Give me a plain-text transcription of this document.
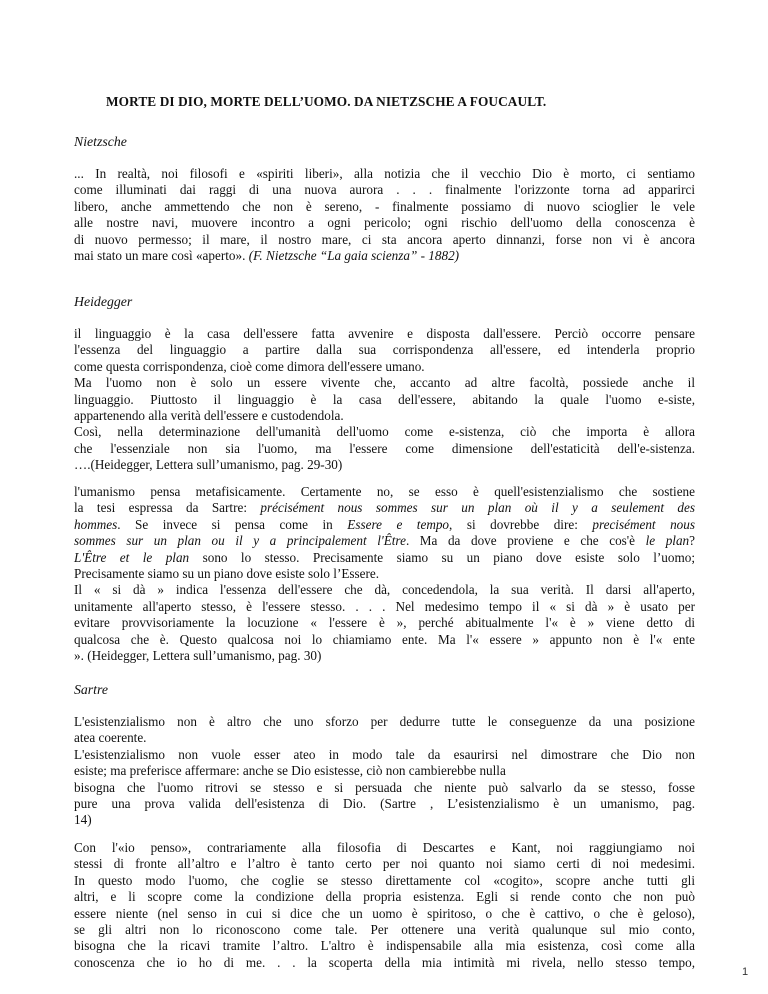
MORTE DI DIO, MORTE DELL’UOMO. DA NIETZSCHE A FOUCAULT.
Nietzsche
... In realtà, noi filosofi e «spiriti liberi», alla notizia che il vecchio Dio è morto, ci sentiamo
come illuminati dai raggi di una nuova aurora . . . finalmente l'orizzonte torna ad apparirci
libero, anche ammettendo che non è sereno, - finalmente possiamo di nuovo scioglier le vele
alle nostre navi, muovere incontro a ogni pericolo; ogni rischio dell'uomo della conoscenza è
di nuovo permesso; il mare, il nostro mare, ci sta ancora aperto dinnanzi, forse non vi è ancora
mai stato un mare così «aperto». (F. Nietzsche “La gaia scienza” - 1882)
Heidegger
il linguaggio è la casa dell'essere fatta avvenire e disposta dall'essere. Perciò occorre pensare
l'essenza del linguaggio a partire dalla sua corrispondenza all'essere, ed intenderla proprio
come questa corrispondenza, cioè come dimora dell'essere umano.
Ma l'uomo non è solo un essere vivente che, accanto ad altre facoltà, possiede anche il
linguaggio. Piuttosto il linguaggio è la casa dell'essere, abitando la quale l'uomo e-siste,
appartenendo alla verità dell'essere e custodendola.
Così, nella determinazione dell'umanità dell'uomo come e-sistenza, ciò che importa è allora
che l'essenziale non sia l'uomo, ma l'essere come dimensione dell'estaticità dell'e-sistenza.
….(Heidegger, Lettera sull’umanismo, pag. 29-30)
l'umanismo pensa metafisicamente. Certamente no, se esso è quell'esistenzialismo che sostiene
la tesi espressa da Sartre: précisément nous sommes sur un plan où il y a seulement des
hommes. Se invece si pensa come in Essere e tempo, si dovrebbe dire: precisément nous
sommes sur un plan ou il y a principalement l'Être. Ma da dove proviene e che cos'è le plan?
L'Être et le plan sono lo stesso. Precisamente siamo su un piano dove esiste solo l’uomo;
Precisamente siamo su un piano dove esiste solo l’Essere.
Il « si dà » indica l'essenza dell'essere che dà, concedendola, la sua verità. Il darsi all'aperto,
unitamente all'aperto stesso, è l'essere stesso. . . . Nel medesimo tempo il « si dà » è usato per
evitare provvisoriamente la locuzione « l'essere è », perché abitualmente l'« è » viene detto di
qualcosa che è. Questo qualcosa noi lo chiamiamo ente. Ma l'« essere » appunto non è l'« ente
». (Heidegger, Lettera sull’umanismo, pag. 30)
Sartre
L'esistenzialismo non è altro che uno sforzo per dedurre tutte le conseguenze da una posizione
atea coerente.
L'esistenzialismo non vuole esser ateo in modo tale da esaurirsi nel dimostrare che Dio non
esiste; ma preferisce affermare: anche se Dio esistesse, ciò non cambierebbe nulla
bisogna che l'uomo ritrovi se stesso e si persuada che niente può salvarlo da se stesso, fosse
pure una prova valida dell'esistenza di Dio. (Sartre , L’esistenzialismo è un umanismo, pag.
14)
Con l'«io penso», contrariamente alla filosofia di Descartes e Kant, noi raggiungiamo noi
stessi di fronte all’altro e l’altro è tanto certo per noi quanto noi siamo certi di noi medesimi.
In questo modo l'uomo, che coglie se stesso direttamente col «cogito», scopre anche tutti gli
altri, e li scopre come la condizione della propria esistenza. Egli si rende conto che non può
essere niente (nel senso in cui si dice che un uomo è spiritoso, o che è cattivo, o che è geloso),
se gli altri non lo riconoscono come tale. Per ottenere una verità qualunque sul mio conto,
bisogna che la ricavi tramite l’altro. L'altro è indispensabile alla mia esistenza, così come alla
conoscenza che io ho di me. . . la scoperta della mia intimità mi rivela, nello stesso tempo,
1
